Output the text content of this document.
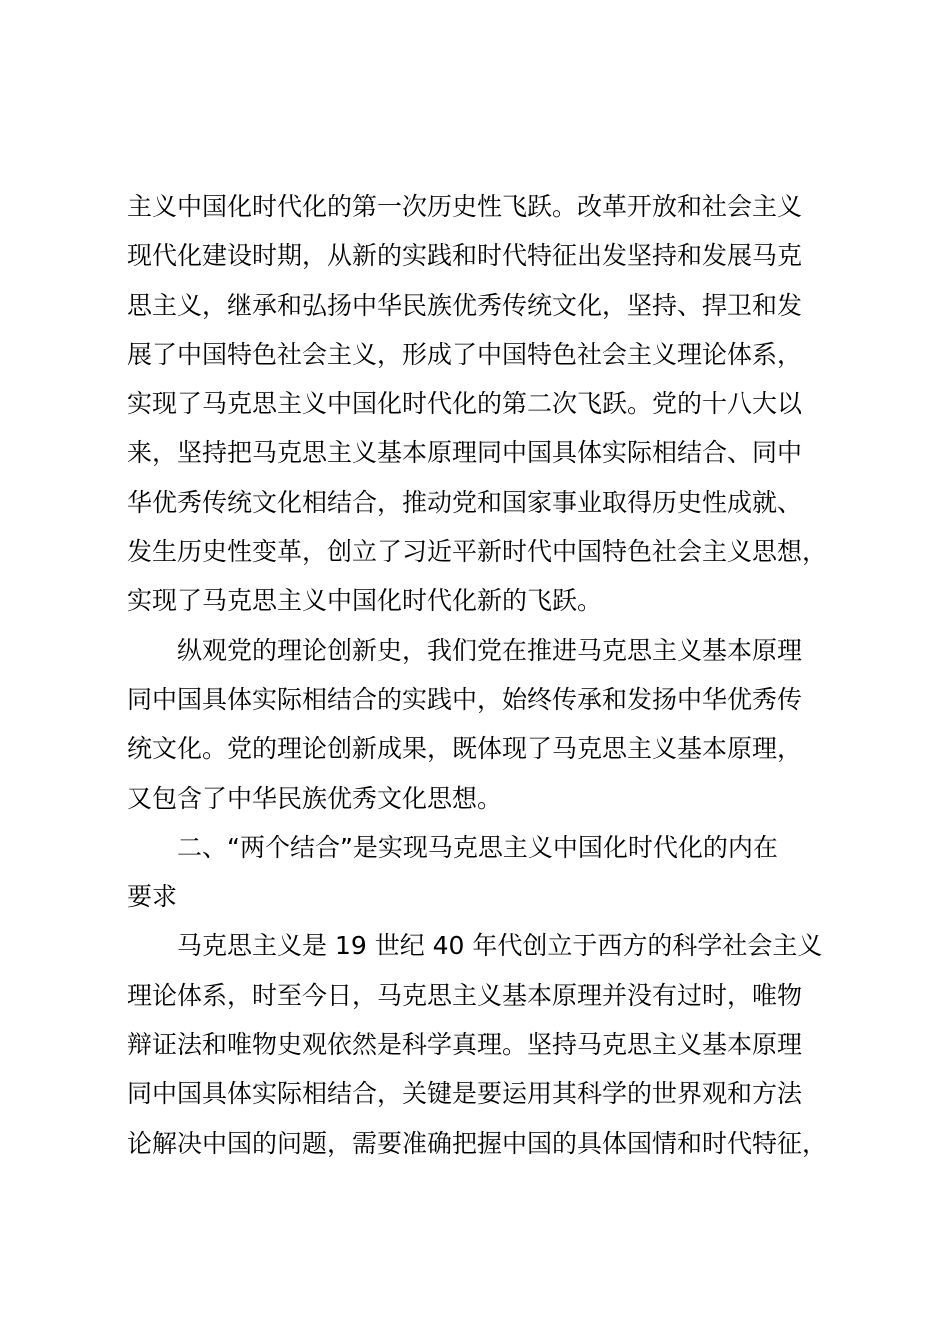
主义中国化时代化的第一次历史性飞跃。改革开放和社会主义
现代化建设时期，从新的实践和时代特征出发坚持和发展马克
思主义，继承和弘扬中华民族优秀传统文化，坚持、捍卫和发
展了中国特色社会主义，形成了中国特色社会主义理论体系，
实现了马克思主义中国化时代化的第二次飞跃。党的十八大以
来，坚持把马克思主义基本原理同中国具体实际相结合、同中
华优秀传统文化相结合，推动党和国家事业取得历史性成就、
发生历史性变革，创立了习近平新时代中国特色社会主义思想，
实现了马克思主义中国化时代化新的飞跃。
纵观党的理论创新史，我们党在推进马克思主义基本原理
同中国具体实际相结合的实践中，始终传承和发扬中华优秀传
统文化。党的理论创新成果，既体现了马克思主义基本原理，
又包含了中华民族优秀文化思想。
二、“两个结合”是实现马克思主义中国化时代化的内在
要求
马克思主义是 19 世纪 40 年代创立于西方的科学社会主义
理论体系，时至今日，马克思主义基本原理并没有过时，唯物
辩证法和唯物史观依然是科学真理。坚持马克思主义基本原理
同中国具体实际相结合，关键是要运用其科学的世界观和方法
论解决中国的问题，需要准确把握中国的具体国情和时代特征，
